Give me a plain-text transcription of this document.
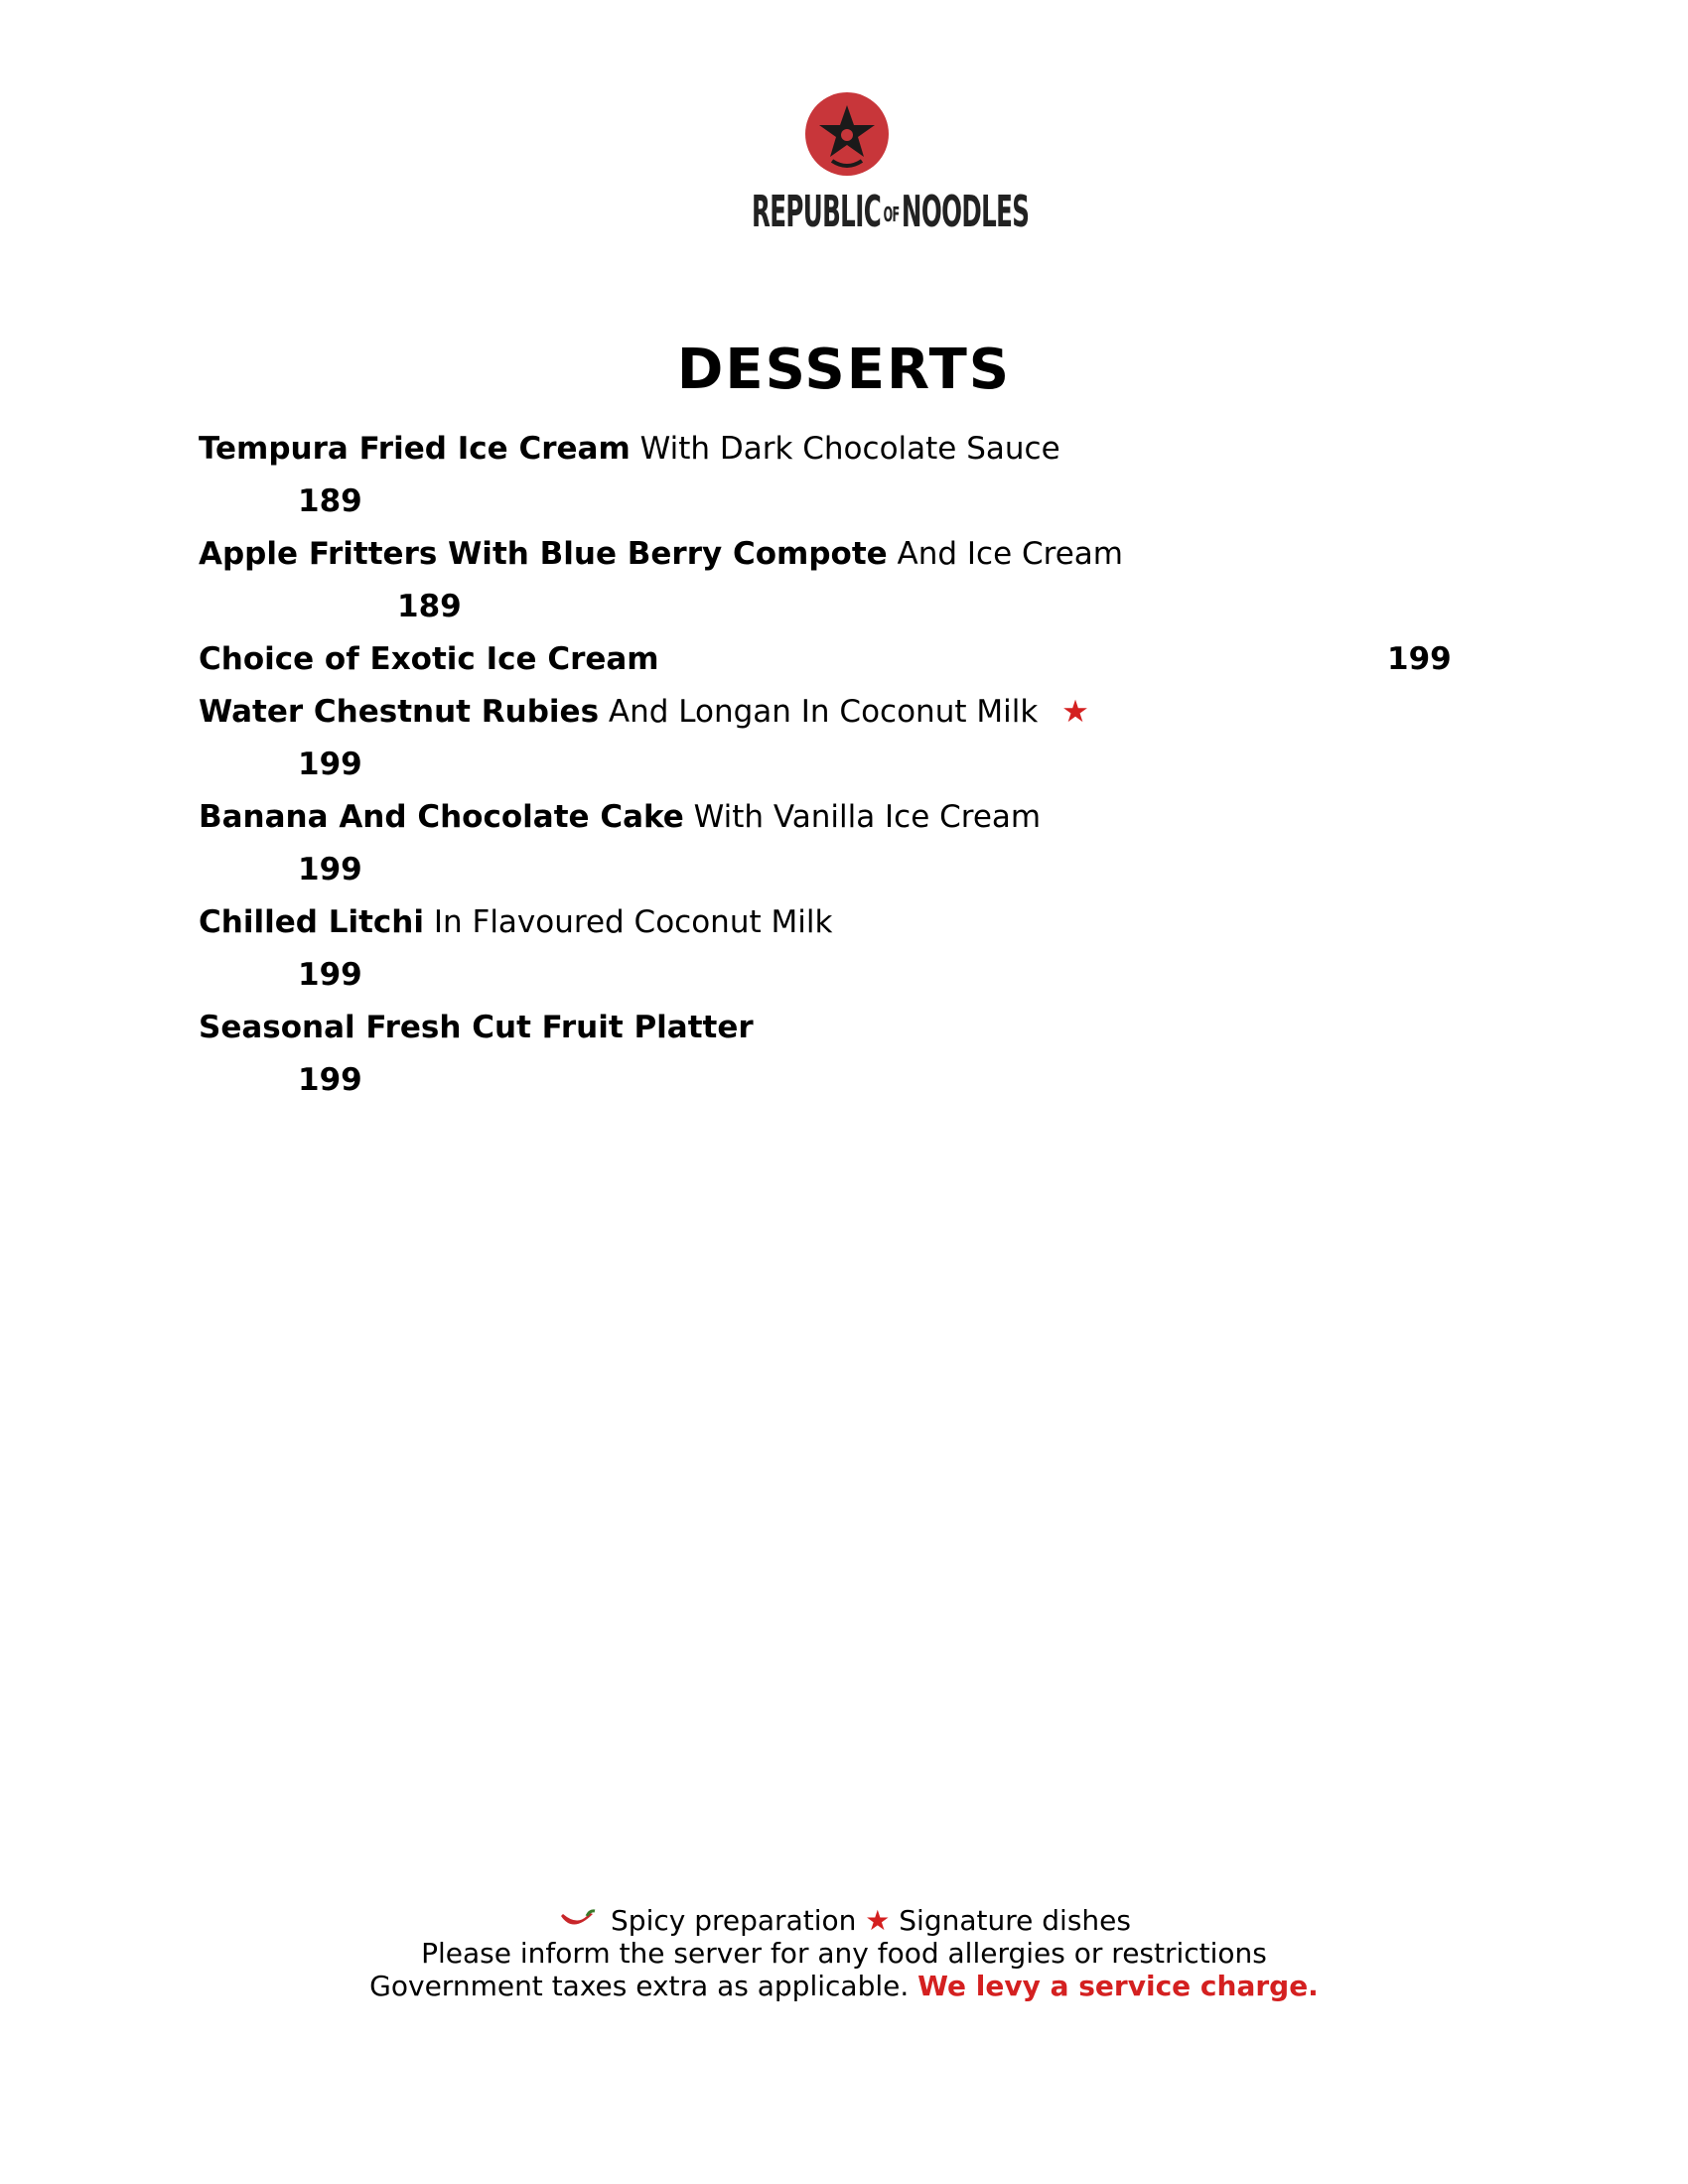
REPUBLIC OFNOODLES
DESSERTS
Tempura Fried Ice Cream With Dark Chocolate Sauce
189
Apple Fritters With Blue Berry Compote And Ice Cream
189
Choice of Exotic Ice Cream	199
Water Chestnut Rubies And Longan In Coconut Milk ★
199
Banana And Chocolate Cake With Vanilla Ice Cream
199
Chilled Litchi In Flavoured Coconut Milk
199
Seasonal Fresh Cut Fruit Platter
199
Spicy preparation ★ Signature dishes
Please inform the server for any food allergies or restrictions
Government taxes extra as applicable. We levy a service charge.
